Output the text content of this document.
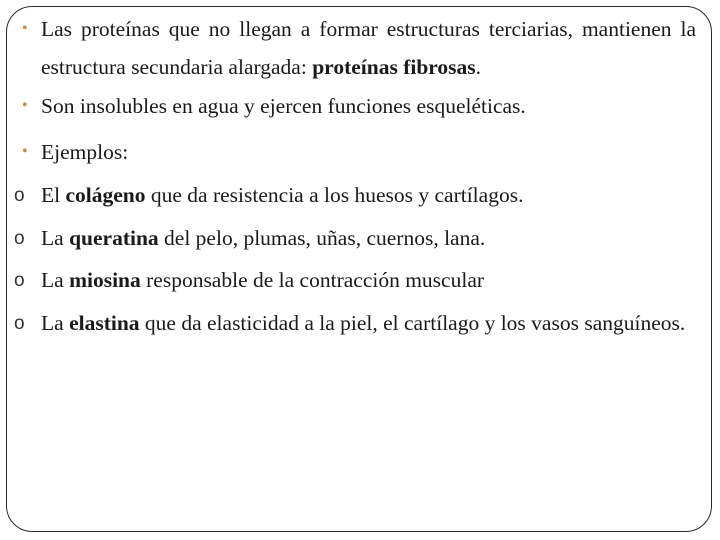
• Las proteínas que no llegan a formar estructuras terciarias, mantienen la estructura secundaria alargada: proteínas fibrosas.
• Son insolubles en agua y ejercen funciones esqueléticas.
• Ejemplos:
o El colágeno que da resistencia a los huesos y cartílagos.
o La queratina del pelo, plumas, uñas, cuernos, lana.
o La miosina responsable de la contracción muscular
o La elastina que da elasticidad a la piel, el cartílago y los vasos sanguíneos.
